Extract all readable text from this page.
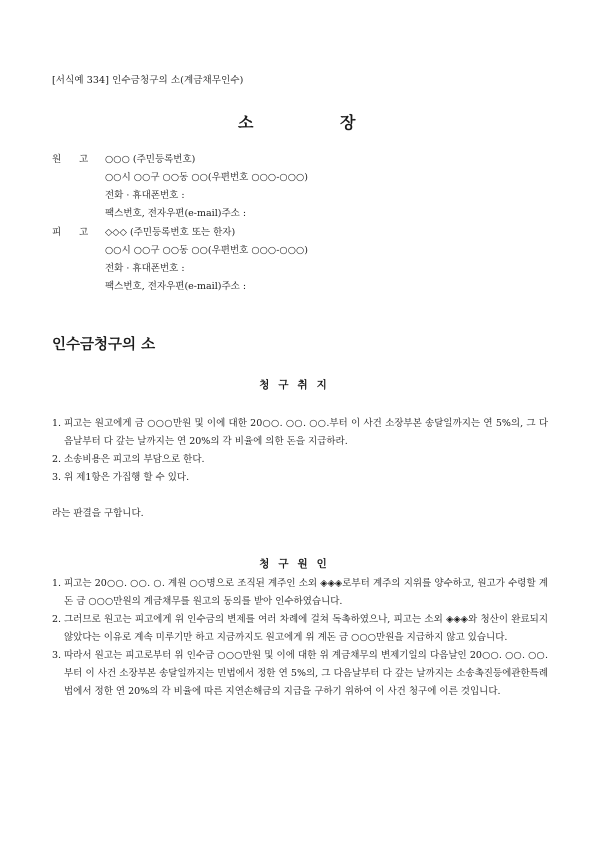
[서식예 334] 인수금청구의 소(계금채무인수)
소	장
원 고 ○○○ (주민등록번호)
○○시 ○○구 ○○동 ○○(우편번호 ○○○-○○○)
전화 · 휴대폰번호 :
팩스번호, 전자우편(e-mail)주소 :
피 고 ◇◇◇ (주민등록번호 또는 한자)
○○시 ○○구 ○○동 ○○(우편번호 ○○○-○○○)
전화 · 휴대폰번호 :
팩스번호, 전자우편(e-mail)주소 :
인수금청구의 소
청구취지
1. 피고는 원고에게 금 ○○○만원 및 이에 대한 20○○. ○○. ○○.부터 이 사건 소장부본 송달일까지는 연 5%의, 그 다음날부터 다 갚는 날까지는 연 20%의 각 비율에 의한 돈을 지급하라.
2. 소송비용은 피고의 부담으로 한다.
3. 위 제1항은 가집행 할 수 있다.
라는 판결을 구합니다.
청구원인
1. 피고는 20○○. ○○. ○. 계원 ○○명으로 조직된 계주인 소외 ◈◈◈로부터 계주의 지위를 양수하고, 원고가 수령할 계돈 금 ○○○만원의 계금채무를 원고의 동의를 받아 인수하였습니다.
2. 그러므로 원고는 피고에게 위 인수금의 변제를 여러 차례에 걸쳐 독촉하였으나, 피고는 소외 ◈◈◈와 청산이 완료되지 않았다는 이유로 계속 미루기만 하고 지금까지도 원고에게 위 계돈 금 ○○○만원을 지급하지 않고 있습니다.
3. 따라서 원고는 피고로부터 위 인수금 ○○○만원 및 이에 대한 위 계금채무의 변제기일의 다음날인 20○○. ○○. ○○.부터 이 사건 소장부본 송달일까지는 민법에서 정한 연 5%의, 그 다음날부터 다 갚는 날까지는 소송촉진등에관한특례법에서 정한 연 20%의 각 비율에 따른 지연손해금의 지급을 구하기 위하여 이 사건 청구에 이른 것입니다.
